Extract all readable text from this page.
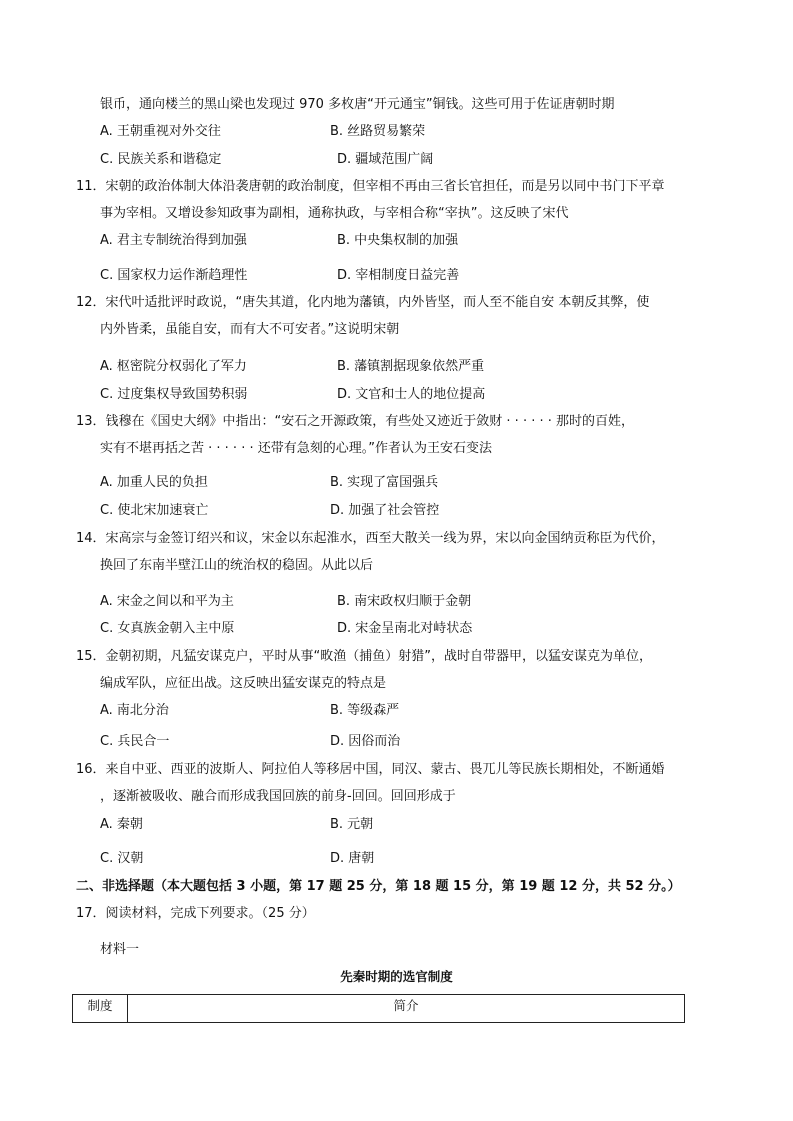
银币，通向楼兰的黑山梁也发现过 970 多枚唐“开元通宝”铜钱。这些可用于佐证唐朝时期
A. 王朝重视对外交往	B. 丝路贸易繁荣
C. 民族关系和谐稳定	D. 疆域范围广阔
11．宋朝的政治体制大体沿袭唐朝的政治制度，但宰相不再由三省长官担任，而是另以同中书门下平章
事为宰相。又增设参知政事为副相，通称执政，与宰相合称“宰执”。这反映了宋代
A. 君主专制统治得到加强	B. 中央集权制的加强
C. 国家权力运作渐趋理性	D. 宰相制度日益完善
12．宋代叶适批评时政说，“唐失其道，化内地为藩镇，内外皆坚，而人至不能自安 本朝反其弊，使
内外皆柔，虽能自安，而有大不可安者。”这说明宋朝
A. 枢密院分权弱化了军力	B. 藩镇割据现象依然严重
C. 过度集权导致国势积弱	D. 文官和士人的地位提高
13．钱穆在《国史大纲》中指出：“安石之开源政策，有些处又迹近于敛财 · · · · · · 那时的百姓，
实有不堪再括之苦 · · · · · · 还带有急刻的心理。”作者认为王安石变法
A. 加重人民的负担	B. 实现了富国强兵
C. 使北宋加速衰亡	D. 加强了社会管控
14．宋高宗与金签订绍兴和议，宋金以东起淮水，西至大散关一线为界，宋以向金国纳贡称臣为代价，
换回了东南半壁江山的统治权的稳固。从此以后
A. 宋金之间以和平为主	B. 南宋政权归顺于金朝
C. 女真族金朝入主中原	D. 宋金呈南北对峙状态
15．金朝初期，凡猛安谋克户，平时从事“畋渔（捕鱼）射猎”，战时自带器甲，以猛安谋克为单位，
编成军队，应征出战。这反映出猛安谋克的特点是
A. 南北分治	B. 等级森严
C. 兵民合一	D. 因俗而治
16．来自中亚、西亚的波斯人、阿拉伯人等移居中国，同汉、蒙古、畏兀儿等民族长期相处，不断通婚
，逐渐被吸收、融合而形成我国回族的前身-回回。回回形成于
A. 秦朝	B. 元朝
C. 汉朝	D. 唐朝
二、非选择题（本大题包括 3 小题，第 17 题 25 分，第 18 题 15 分，第 19 题 12 分，共 52 分。）
17．阅读材料，完成下列要求。（25 分）
材料一
先秦时期的选官制度
制度	简介
